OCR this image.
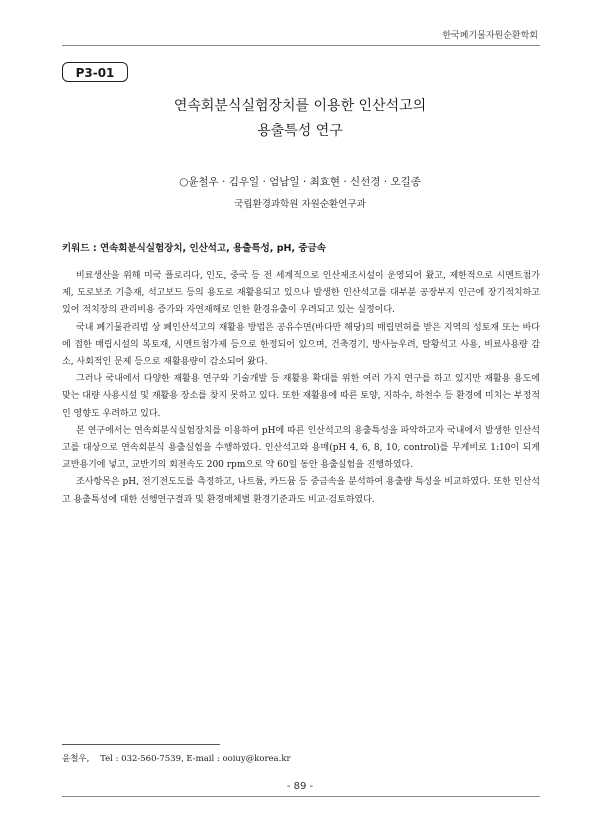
한국폐기물자원순환학회
P3-01
연속회분식실험장치를 이용한 인산석고의
용출특성 연구
○윤철우 · 김우일 · 엄남일 · 최효현 · 신선경 · 오길종
국립환경과학원 자원순환연구과
키워드 : 연속회분식실험장치, 인산석고, 용출특성, pH, 중금속

비료생산을 위해 미국 플로리다, 인도, 중국 등 전 세계적으로 인산제조시설이 운영되어 왔고, 제한적으로 시멘트첨가제, 도로보조 기층재, 석고보드 등의 용도로 재활용되고 있으나 발생한 인산석고를 대부분 공장부지 인근에 장기적치하고 있어 적치장의 관리비용 증가와 자연재해로 인한 환경유출이 우려되고 있는 실정이다.

국내 폐기물관리법 상 폐인산석고의 재활용 방법은 공유수면(바다만 해당)의 매립면허를 받은 지역의 성토재 또는 바다에 접한 매립시설의 복토재, 시멘트첨가제 등으로 한정되어 있으며, 건축경기, 방사능우려, 탈황석고 사용, 비료사용량 감소, 사회적인 문제 등으로 재활용량이 감소되어 왔다.

그러나 국내에서 다양한 재활용 연구와 기술개발 등 재활용 확대를 위한 여러 가지 연구를 하고 있지만 재활용 용도에 맞는 대량 사용시설 및 재활용 장소를 찾지 못하고 있다. 또한 재활용에 따른 토양, 지하수, 하천수 등 환경에 미치는 부정적인 영향도 우려하고 있다.

본 연구에서는 연속회분식실험장치를 이용하여 pH에 따른 인산석고의 용출특성을 파악하고자 국내에서 발생한 인산석고를 대상으로 연속회분식 용출실험을 수행하였다. 인산석고와 용매(pH 4, 6, 8, 10, control)를 무게비로 1:10이 되게 교반용기에 넣고, 교반기의 회전속도 200 rpm으로 약 60일 동안 용출실험을 진행하였다.

조사항목은 pH, 전기전도도를 측정하고, 나트륨, 카드뮴 등 중금속을 분석하여 용출량 특성을 비교하였다. 또한 인산석고 용출특성에 대한 선행연구결과 및 환경매체별 환경기준과도 비교·검토하였다.

윤철우,    Tel : 032-560-7539, E-mail : ooiuy@korea.kr
- 89 -
